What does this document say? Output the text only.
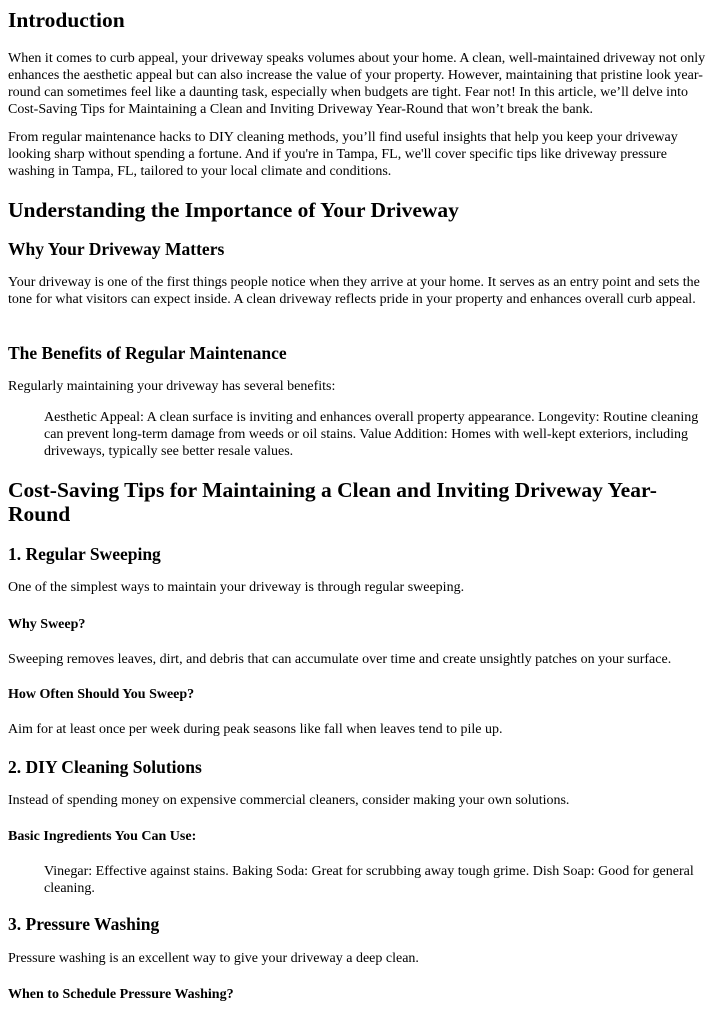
Introduction

When it comes to curb appeal, your driveway speaks volumes about your home. A clean, well-maintained driveway not only enhances the aesthetic appeal but can also increase the value of your property. However, maintaining that pristine look year-round can sometimes feel like a daunting task, especially when budgets are tight. Fear not! In this article, we’ll delve into Cost-Saving Tips for Maintaining a Clean and Inviting Driveway Year-Round that won’t break the bank.

From regular maintenance hacks to DIY cleaning methods, you’ll find useful insights that help you keep your driveway looking sharp without spending a fortune. And if you're in Tampa, FL, we'll cover specific tips like driveway pressure washing in Tampa, FL, tailored to your local climate and conditions.

Understanding the Importance of Your Driveway
Why Your Driveway Matters

Your driveway is one of the first things people notice when they arrive at your home. It serves as an entry point and sets the tone for what visitors can expect inside. A clean driveway reflects pride in your property and enhances overall curb appeal.

The Benefits of Regular Maintenance

Regularly maintaining your driveway has several benefits:

Aesthetic Appeal: A clean surface is inviting and enhances overall property appearance. Longevity: Routine cleaning can prevent long-term damage from weeds or oil stains. Value Addition: Homes with well-kept exteriors, including driveways, typically see better resale values.
Cost-Saving Tips for Maintaining a Clean and Inviting Driveway Year-Round
1. Regular Sweeping

One of the simplest ways to maintain your driveway is through regular sweeping.

Why Sweep?

Sweeping removes leaves, dirt, and debris that can accumulate over time and create unsightly patches on your surface.

How Often Should You Sweep?

Aim for at least once per week during peak seasons like fall when leaves tend to pile up.

2. DIY Cleaning Solutions

Instead of spending money on expensive commercial cleaners, consider making your own solutions.

Basic Ingredients You Can Use:
Vinegar: Effective against stains. Baking Soda: Great for scrubbing away tough grime. Dish Soap: Good for general cleaning.
3. Pressure Washing

Pressure washing is an excellent way to give your driveway a deep clean.

When to Schedule Pressure Washing?
